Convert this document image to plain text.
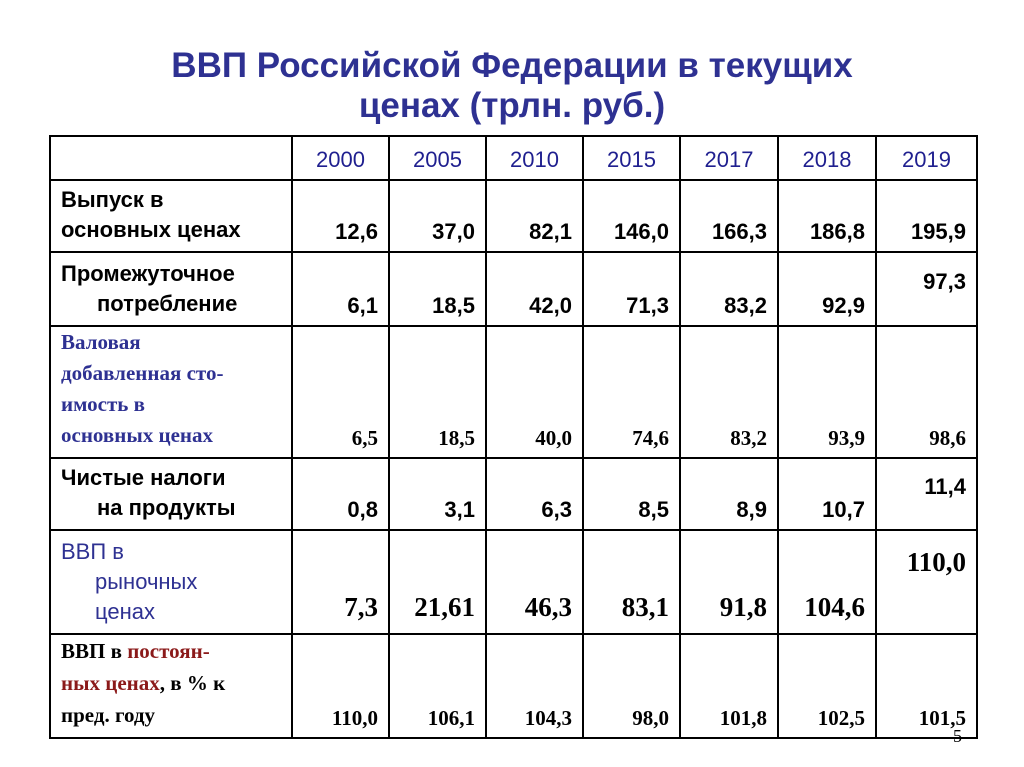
ВВП Российской Федерации в текущих
ценах (трлн. руб.)
	2000	2005	2010	2015	2017	2018	2019

Выпуск в
основных ценах	12,6	37,0	82,1	146,0	166,3	186,8	195,9

Промежуточное
потребление	6,1	18,5	42,0	71,3	83,2	92,9	97,3

Валовая
добавленная сто-
имость в
основных ценах	6,5	18,5	40,0	74,6	83,2	93,9	98,6

Чистые налоги
на продукты	0,8	3,1	6,3	8,5	8,9	10,7	11,4

ВВП в
рыночных
ценах	7,3	21,61	46,3	83,1	91,8	104,6	110,0

ВВП в постоян-
ных ценах, в % к
пред. году	110,0	106,1	104,3	98,0	101,8	102,5	101,5
5
